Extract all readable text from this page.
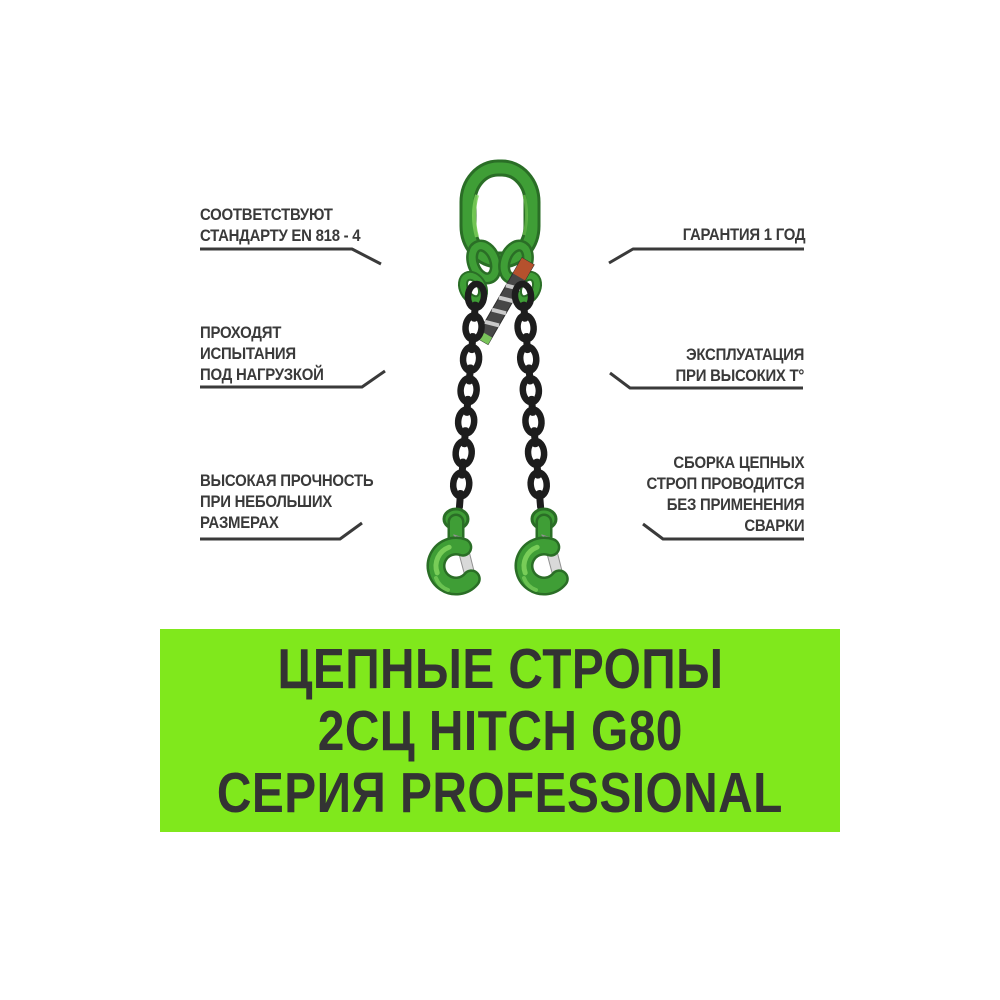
СООТВЕТСТВУЮТ
СТАНДАРТУ EN 818 - 4
ПРОХОДЯТ
ИСПЫТАНИЯ
ПОД НАГРУЗКОЙ
ВЫСОКАЯ ПРОЧНОСТЬ
ПРИ НЕБОЛЬШИХ
РАЗМЕРАХ
ГАРАНТИЯ 1 ГОД
ЭКСПЛУАТАЦИЯ
ПРИ ВЫСОКИХ Т°
СБОРКА ЦЕПНЫХ
СТРОП ПРОВОДИТСЯ
БЕЗ ПРИМЕНЕНИЯ
СВАРКИ
ЦЕПНЫЕ СТРОПЫ
2СЦ HITCH G80
СЕРИЯ PROFESSIONAL
